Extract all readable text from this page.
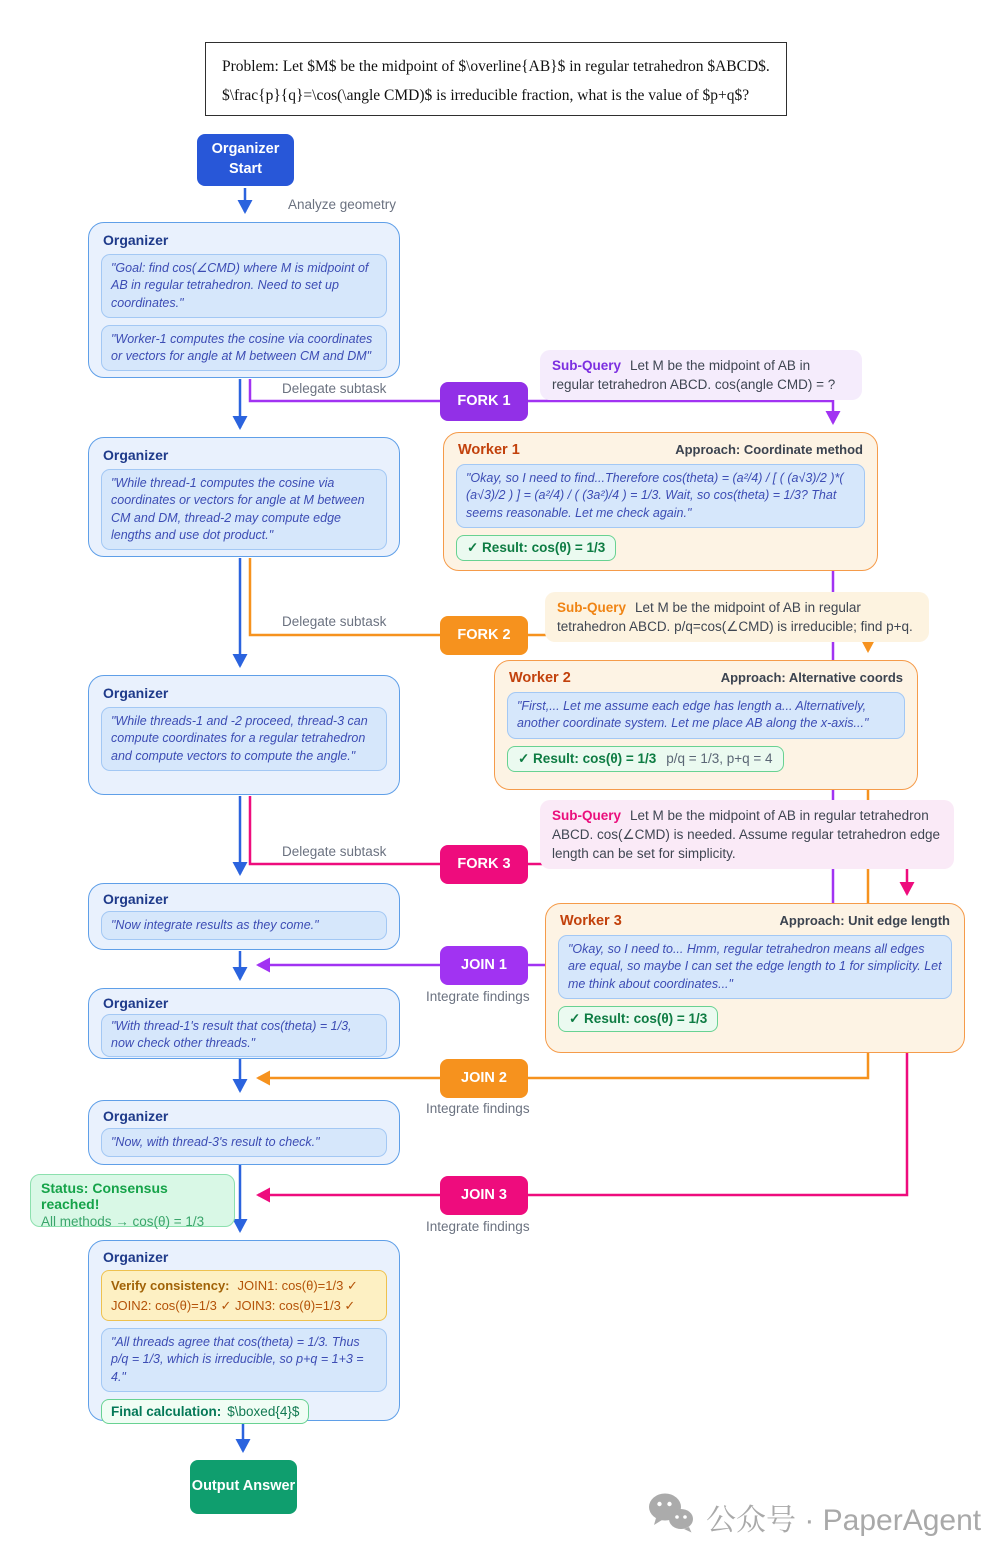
Problem: Let $M$ be the midpoint of $\overline{AB}$ in regular tetrahedron $ABCD$.
$\frac{p}{q}=\cos(\angle CMD)$ is irreducible fraction, what is the value of $p+q$?
Organizer Start
Analyze geometry
Delegate subtask
Delegate subtask
Delegate subtask
Integrate findings
Integrate findings
Integrate findings
Organizer
"Goal: find cos(∠CMD) where M is midpoint of AB in regular tetrahedron. Need to set up coordinates."
"Worker-1 computes the cosine via coordinates or vectors for angle at M between CM and DM"
Organizer
"While thread-1 computes the cosine via coordinates or vectors for angle at M between CM and DM, thread-2 may compute edge lengths and use dot product."
Organizer
"While threads-1 and -2 proceed, thread-3 can compute coordinates for a regular tetrahedron and compute vectors to compute the angle."
Organizer
"Now integrate results as they come."
Organizer
"With thread-1's result that cos(theta) = 1/3, now check other threads."
Organizer
"Now, with thread-3's result to check."
Organizer
Verify consistency: JOIN1: cos(θ)=1/3 ✓ JOIN2: cos(θ)=1/3 ✓ JOIN3: cos(θ)=1/3 ✓
"All threads agree that cos(theta) = 1/3. Thus p/q = 1/3, which is irreducible, so p+q = 1+3 = 4."
Final calculation: $\boxed{4}$
FORK 1
FORK 2
FORK 3
JOIN 1
JOIN 2
JOIN 3
Sub-Query Let M be the midpoint of AB in regular tetrahedron ABCD. cos(angle CMD) = ?
Sub-Query Let M be the midpoint of AB in regular tetrahedron ABCD. p/q=cos(∠CMD) is irreducible; find p+q.
Sub-Query Let M be the midpoint of AB in regular tetrahedron ABCD. cos(∠CMD) is needed. Assume regular tetrahedron edge length can be set for simplicity.
Worker 1	Approach: Coordinate method
"Okay, so I need to find...Therefore cos(theta) = (a²/4) / [ ( (a√3)/2 )*( (a√3)/2 ) ] = (a²/4) / ( (3a²)/4 ) = 1/3. Wait, so cos(theta) = 1/3? That seems reasonable. Let me check again."
✓ Result: cos(θ) = 1/3
Worker 2	Approach: Alternative coords
"First,... Let me assume each edge has length a... Alternatively, another coordinate system. Let me place AB along the x-axis..."
✓ Result: cos(θ) = 1/3 p/q = 1/3, p+q = 4
Worker 3	Approach: Unit edge length
"Okay, so I need to... Hmm, regular tetrahedron means all edges are equal, so maybe I can set the edge length to 1 for simplicity. Let me think about coordinates..."
✓ Result: cos(θ) = 1/3
Status: Consensus reached!
All methods → cos(θ) = 1/3
Output Answer
公众号 · PaperAgent
